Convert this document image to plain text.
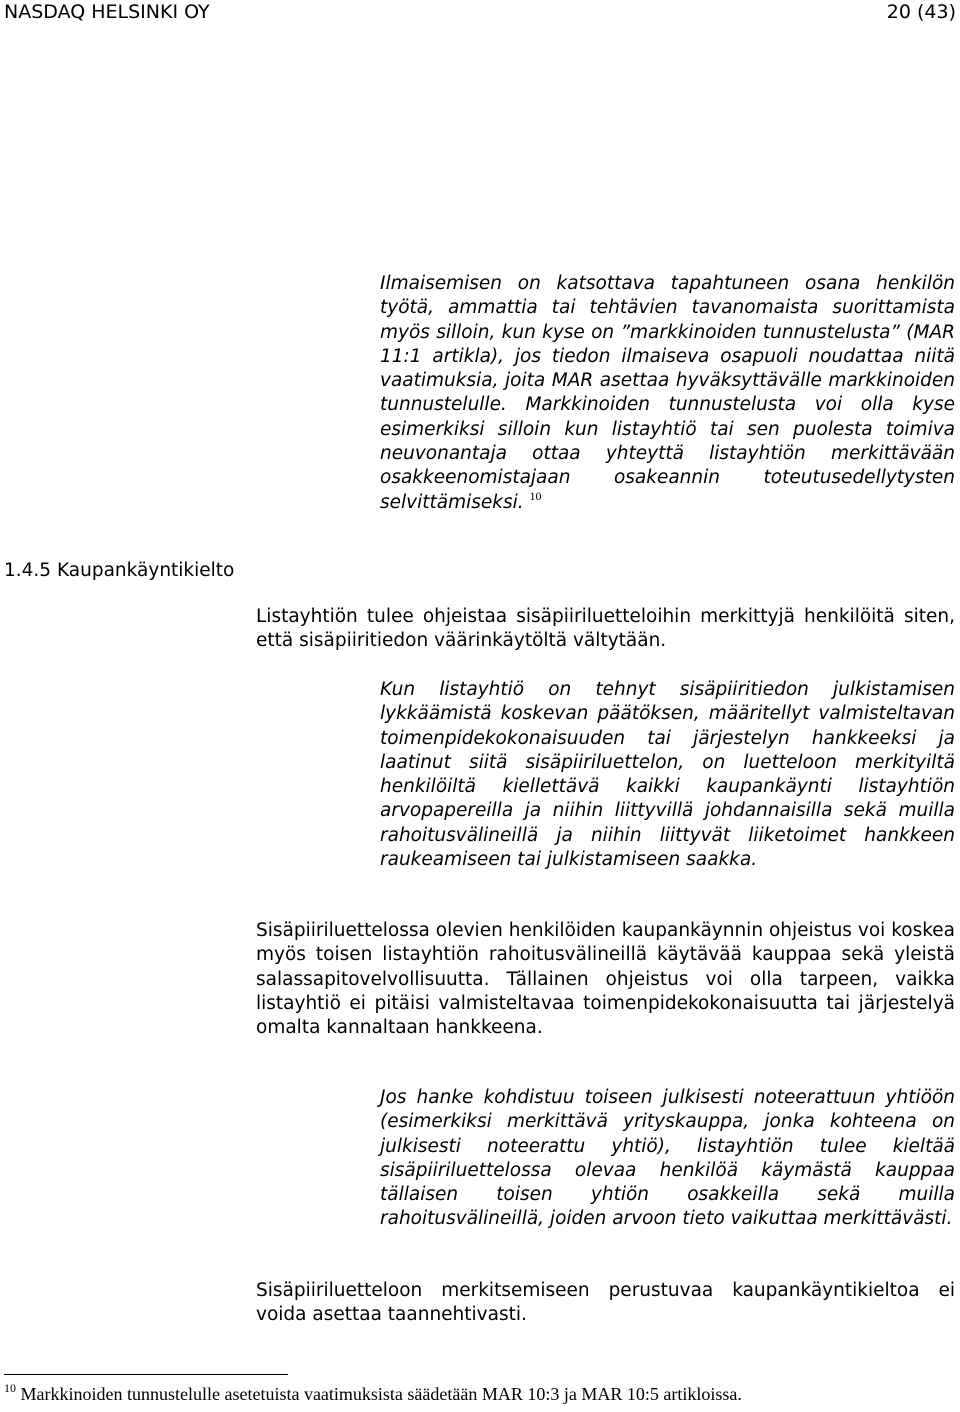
NASDAQ HELSINKI OY	20 (43)

Ilmaisemisen on katsottava tapahtuneen osana henkilön työtä, ammattia tai tehtävien tavanomaista suorittamista myös silloin, kun kyse on ”markkinoiden tunnustelusta” (MAR 11:1 artikla), jos tiedon ilmaiseva osapuoli noudattaa niitä vaatimuksia, joita MAR asettaa hyväksyttävälle markkinoiden tunnustelulle. Markkinoiden tunnustelusta voi olla kyse esimerkiksi silloin kun listayhtiö tai sen puolesta toimiva neuvonantaja ottaa yhteyttä listayhtiön merkittävään osakkeenomistajaan osakeannin toteutusedellytysten selvittämiseksi. $^{10}$

1.4.5 Kaupankäyntikielto

Listayhtiön tulee ohjeistaa sisäpiiriluetteloihin merkittyjä henkilöitä siten, että sisäpiiritiedon väärinkäytöltä vältytään.

Kun listayhtiö on tehnyt sisäpiiritiedon julkistamisen lykkäämistä koskevan päätöksen, määritellyt valmisteltavan toimenpidekokonaisuuden tai järjestelyn hankkeeksi ja laatinut siitä sisäpiiriluettelon, on luetteloon merkityiltä henkilöiltä kiellettävä kaikki kaupankäynti listayhtiön arvopapereilla ja niihin liittyvillä johdannaisilla sekä muilla rahoitusvälineillä ja niihin liittyvät liiketoimet hankkeen raukeamiseen tai julkistamiseen saakka.

Sisäpiiriluettelossa olevien henkilöiden kaupankäynnin ohjeistus voi koskea myös toisen listayhtiön rahoitusvälineillä käytävää kauppaa sekä yleistä salassapitovelvollisuutta. Tällainen ohjeistus voi olla tarpeen, vaikka listayhtiö ei pitäisi valmisteltavaa toimenpidekokonaisuutta tai järjestelyä omalta kannaltaan hankkeena.

Jos hanke kohdistuu toiseen julkisesti noteerattuun yhtiöön (esimerkiksi merkittävä yrityskauppa, jonka kohteena on julkisesti noteerattu yhtiö), listayhtiön tulee kieltää sisäpiiriluettelossa olevaa henkilöä käymästä kauppaa tällaisen toisen yhtiön osakkeilla sekä muilla rahoitusvälineillä, joiden arvoon tieto vaikuttaa merkittävästi.

Sisäpiiriluetteloon merkitsemiseen perustuvaa kaupankäyntikieltoa ei voida asettaa taannehtivasti.

$^{10}$ Markkinoiden tunnustelulle asetetuista vaatimuksista säädetään MAR 10:3 ja MAR 10:5 artikloissa.
